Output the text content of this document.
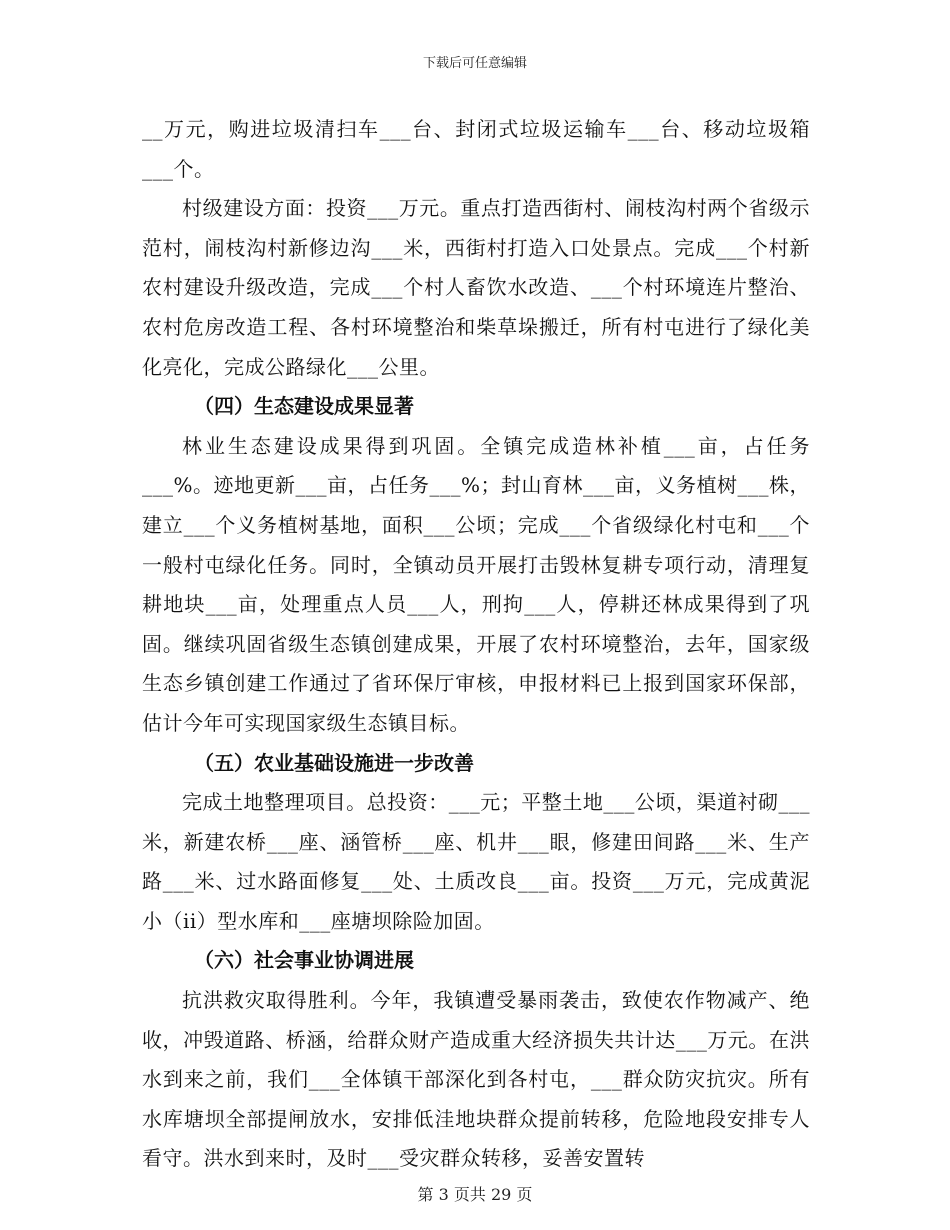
下载后可任意编辑

__万元，购进垃圾清扫车___台、封闭式垃圾运输车___台、移动垃圾箱___个。

村级建设方面：投资___万元。重点打造西街村、闹枝沟村两个省级示范村，闹枝沟村新修边沟___米，西街村打造入口处景点。完成___个村新农村建设升级改造，完成___个村人畜饮水改造、___个村环境连片整治、农村危房改造工程、各村环境整治和柴草垛搬迁，所有村屯进行了绿化美化亮化，完成公路绿化___公里。

（四）生态建设成果显著

林业生态建设成果得到巩固。全镇完成造林补植___亩，占任务___%。迹地更新___亩，占任务___%；封山育林___亩，义务植树___株，建立___个义务植树基地，面积___公顷；完成___个省级绿化村屯和___个一般村屯绿化任务。同时，全镇动员开展打击毁林复耕专项行动，清理复耕地块___亩，处理重点人员___人，刑拘___人，停耕还林成果得到了巩固。继续巩固省级生态镇创建成果，开展了农村环境整治，去年，国家级生态乡镇创建工作通过了省环保厅审核，申报材料已上报到国家环保部，估计今年可实现国家级生态镇目标。

（五）农业基础设施进一步改善

完成土地整理项目。总投资：___元；平整土地___公顷，渠道衬砌___米，新建农桥___座、涵管桥___座、机井___眼，修建田间路___米、生产路___米、过水路面修复___处、土质改良___亩。投资___万元，完成黄泥小（ii）型水库和___座塘坝除险加固。

（六）社会事业协调进展

抗洪救灾取得胜利。今年，我镇遭受暴雨袭击，致使农作物减产、绝收，冲毁道路、桥涵，给群众财产造成重大经济损失共计达___万元。在洪水到来之前，我们___全体镇干部深化到各村屯，___群众防灾抗灾。所有水库塘坝全部提闸放水，安排低洼地块群众提前转移，危险地段安排专人看守。洪水到来时，及时___受灾群众转移，妥善安置转

第 3 页共 29 页
